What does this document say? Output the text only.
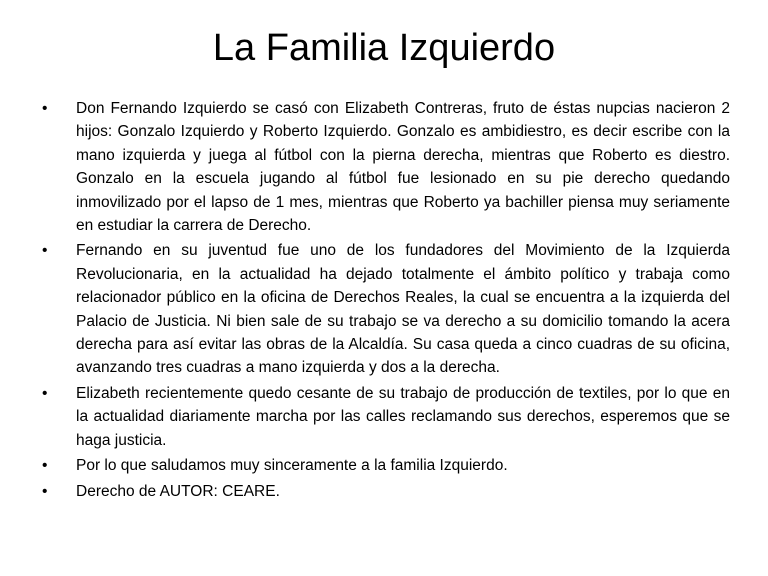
La Familia Izquierdo
•	Don Fernando Izquierdo se casó con Elizabeth Contreras, fruto de éstas nupcias nacieron 2 hijos: Gonzalo Izquierdo y Roberto Izquierdo. Gonzalo es ambidiestro, es decir escribe con la mano izquierda y juega al fútbol con la pierna derecha, mientras que Roberto es diestro. Gonzalo en la escuela jugando al fútbol fue lesionado en su pie derecho quedando inmovilizado por el lapso de 1 mes, mientras que Roberto ya bachiller piensa muy seriamente en estudiar la carrera de Derecho.
•	Fernando en su juventud fue uno de los fundadores del Movimiento de la Izquierda Revolucionaria, en la actualidad ha dejado totalmente el ámbito político y trabaja como relacionador público en la oficina de Derechos Reales, la cual se encuentra a la izquierda del Palacio de Justicia. Ni bien sale de su trabajo se va derecho a su domicilio tomando la acera derecha para así evitar las obras de la Alcaldía. Su casa queda a cinco cuadras de su oficina, avanzando tres cuadras a mano izquierda y dos a la derecha.
•	Elizabeth recientemente quedo cesante de su trabajo de producción de textiles, por lo que en la actualidad diariamente marcha por las calles reclamando sus derechos, esperemos que se haga justicia.
•	Por lo que saludamos muy sinceramente a la familia Izquierdo.
•	Derecho de AUTOR: CEARE.
